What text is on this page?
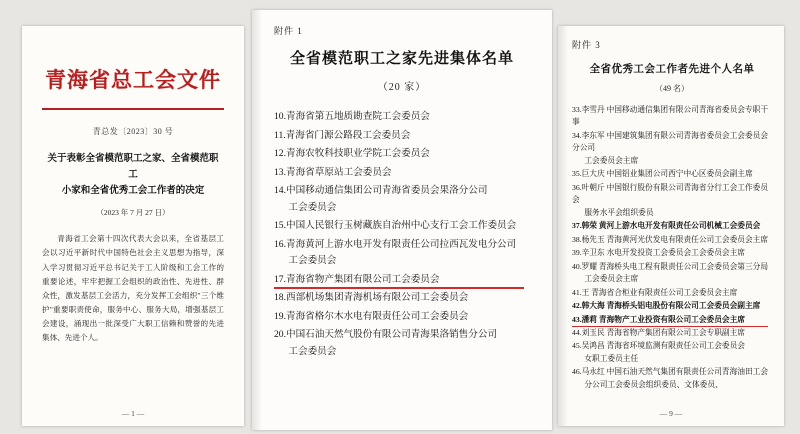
青海省总工会文件
青总发〔2023〕30 号
关于表彰全省模范职工之家、全省模范职工
小家和全省优秀工会工作者的决定
（2023 年 7 月 27 日）

青海省工会第十四次代表大会以来，全省基层工会以习近平新时代中国特色社会主义思想为指导，深入学习贯彻习近平总书记关于工人阶级和工会工作的重要论述，牢牢把握工会组织的政治性、先进性、群众性，激发基层工会活力，充分发挥工会组织"三个维护"重要职责使命，服务中心、服务大局，增强基层工会建设，涌现出一批深受广大职工信赖和赞誉的先进集体、先进个人。

— 1 —
附件 1
全省模范职工之家先进集体名单
（20 家）
10.青海省第五地质勘查院工会委员会
11.青海省门源公路段工会委员会
12.青海农牧科技职业学院工会委员会
13.青海省草原站工会委员会
14.中国移动通信集团公司青海省委员会果洛分公司
工会委员会
15.中国人民银行玉树藏族自治州中心支行工会工作委员会
16.青海黄河上游水电开发有限责任公司拉西瓦发电分公司
工会委员会
17.青海省物产集团有限公司工会委员会
18.西部机场集团青海机场有限公司工会委员会
19.青海省格尔木水电有限责任公司工会委员会
20.中国石油天然气股份有限公司青海果洛销售分公司
工会委员会
附件 3
全省优秀工会工作者先进个人名单
（49 名）
33.李雪丹 中国移动通信集团有限公司青海省委员会专职干事
34.李东军 中国建筑集团有限公司青海省委员会工会委员会分公司
工会委员会主席
35.巨大庆 中国铝业集团公司西宁中心区委员会副主席
36.叶朝斤 中国银行股份有限公司青海省分行工会工作委员会
服务水平会组织委员
37.韩荣 黄河上游水电开发有限责任公司机械工会委员会
38.杨先玉 青海黄河光伏发电有限责任公司工会委员会主席
39.辛卫东 水电开发投资工会委员会工会委员会主席
40.罗耀 青海桥头电工程有限责任公司工会委员会第三分局
工会委员会主席
41.王 青海省合柜业有限责任公司工会委员会主席
42.韩大海 青海桥头铝电股份有限公司工会委员会副主席
43.潘莉 青海物产工业投资有限公司工会委员会主席
44.刘玉民 青海省物产集团有限公司工会专职副主席
45.吴鸿昌 青海省环境监测有限责任公司工会委员会
女职工委员主任
46.马永红 中国石油天然气集团有限责任公司青海油田工会
分公司工会委员会组织委员、文体委员、
— 9 —
